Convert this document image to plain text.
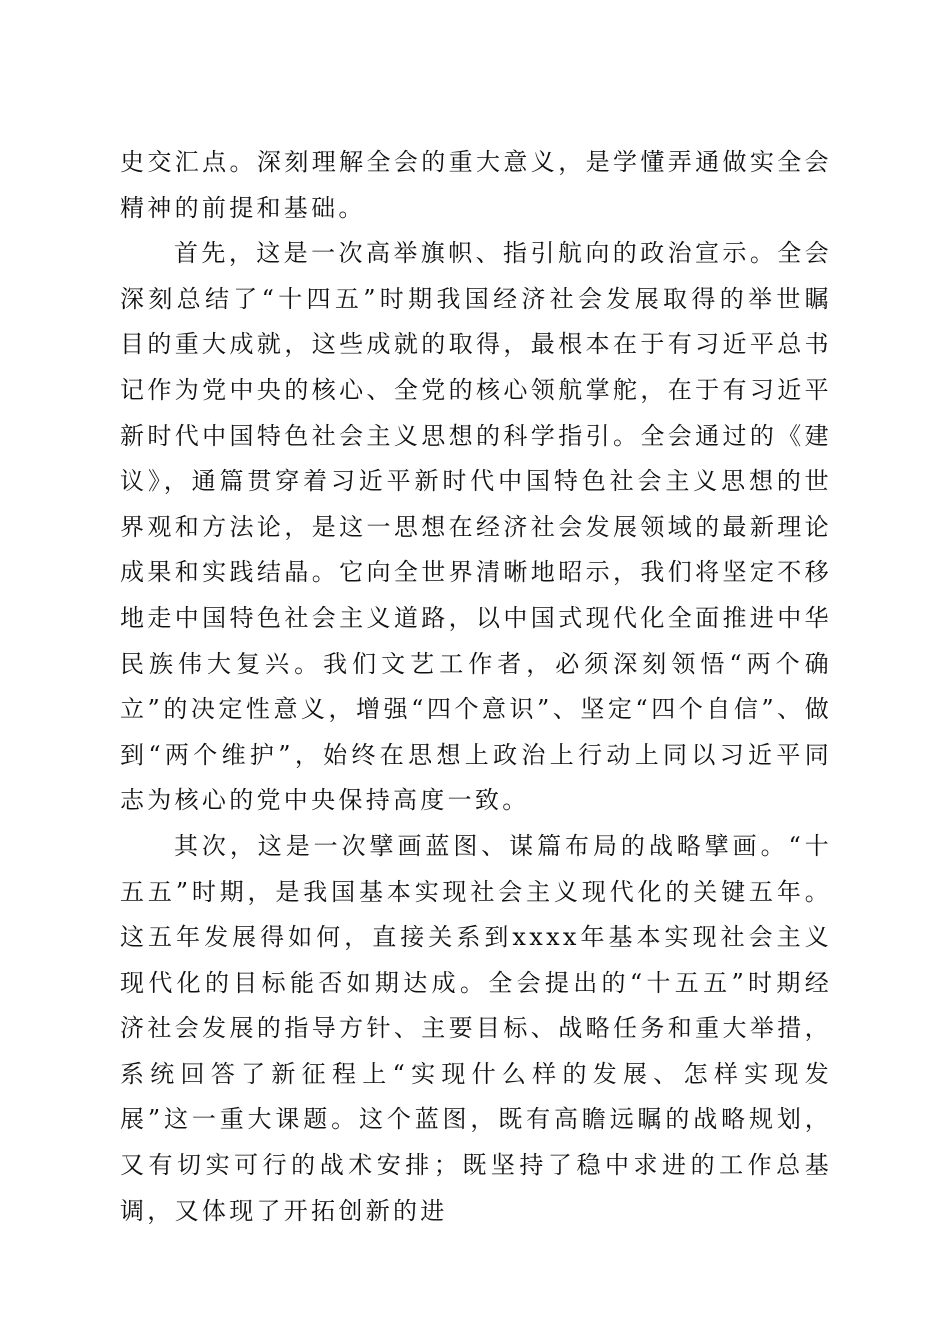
史交汇点。深刻理解全会的重大意义，是学懂弄通做实全会精神的前提和基础。

首先，这是一次高举旗帜、指引航向的政治宣示。全会深刻总结了“十四五”时期我国经济社会发展取得的举世瞩目的重大成就，这些成就的取得，最根本在于有习近平总书记作为党中央的核心、全党的核心领航掌舵，在于有习近平新时代中国特色社会主义思想的科学指引。全会通过的《建议》，通篇贯穿着习近平新时代中国特色社会主义思想的世界观和方法论，是这一思想在经济社会发展领域的最新理论成果和实践结晶。它向全世界清晰地昭示，我们将坚定不移地走中国特色社会主义道路，以中国式现代化全面推进中华民族伟大复兴。我们文艺工作者，必须深刻领悟“两个确立”的决定性意义，增强“四个意识”、坚定“四个自信”、做到“两个维护”，始终在思想上政治上行动上同以习近平同志为核心的党中央保持高度一致。

其次，这是一次擘画蓝图、谋篇布局的战略擘画。“十五五”时期，是我国基本实现社会主义现代化的关键五年。这五年发展得如何，直接关系到xxxx年基本实现社会主义现代化的目标能否如期达成。全会提出的“十五五”时期经济社会发展的指导方针、主要目标、战略任务和重大举措，系统回答了新征程上“实现什么样的发展、怎样实现发展”这一重大课题。这个蓝图，既有高瞻远瞩的战略规划，又有切实可行的战术安排；既坚持了稳中求进的工作总基调，又体现了开拓创新的进
